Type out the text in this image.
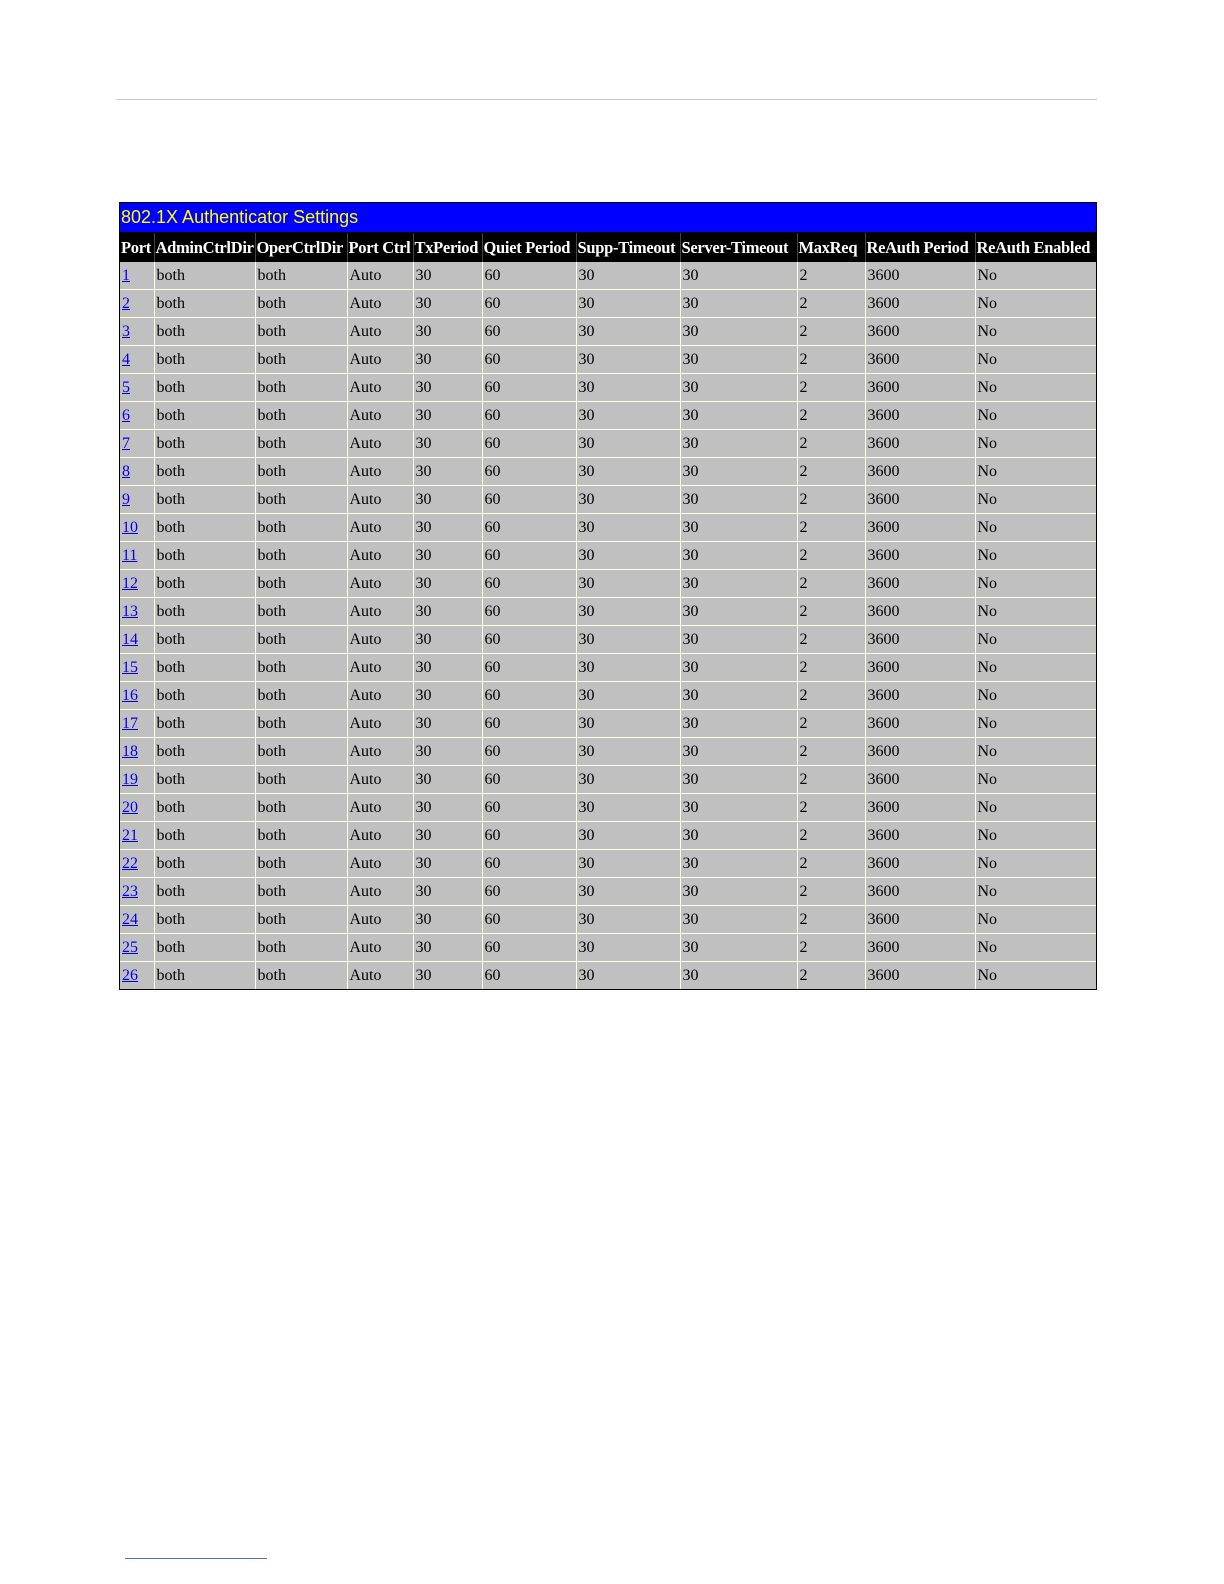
802.1X Authenticator Settings
Port	AdminCtrlDir	OperCtrlDir	Port Ctrl	TxPeriod	Quiet Period	Supp-Timeout	Server-Timeout	MaxReq	ReAuth Period	ReAuth Enabled
1	both	both	Auto	30	60	30	30	2	3600	No
2	both	both	Auto	30	60	30	30	2	3600	No
3	both	both	Auto	30	60	30	30	2	3600	No
4	both	both	Auto	30	60	30	30	2	3600	No
5	both	both	Auto	30	60	30	30	2	3600	No
6	both	both	Auto	30	60	30	30	2	3600	No
7	both	both	Auto	30	60	30	30	2	3600	No
8	both	both	Auto	30	60	30	30	2	3600	No
9	both	both	Auto	30	60	30	30	2	3600	No
10	both	both	Auto	30	60	30	30	2	3600	No
11	both	both	Auto	30	60	30	30	2	3600	No
12	both	both	Auto	30	60	30	30	2	3600	No
13	both	both	Auto	30	60	30	30	2	3600	No
14	both	both	Auto	30	60	30	30	2	3600	No
15	both	both	Auto	30	60	30	30	2	3600	No
16	both	both	Auto	30	60	30	30	2	3600	No
17	both	both	Auto	30	60	30	30	2	3600	No
18	both	both	Auto	30	60	30	30	2	3600	No
19	both	both	Auto	30	60	30	30	2	3600	No
20	both	both	Auto	30	60	30	30	2	3600	No
21	both	both	Auto	30	60	30	30	2	3600	No
22	both	both	Auto	30	60	30	30	2	3600	No
23	both	both	Auto	30	60	30	30	2	3600	No
24	both	both	Auto	30	60	30	30	2	3600	No
25	both	both	Auto	30	60	30	30	2	3600	No
26	both	both	Auto	30	60	30	30	2	3600	No
